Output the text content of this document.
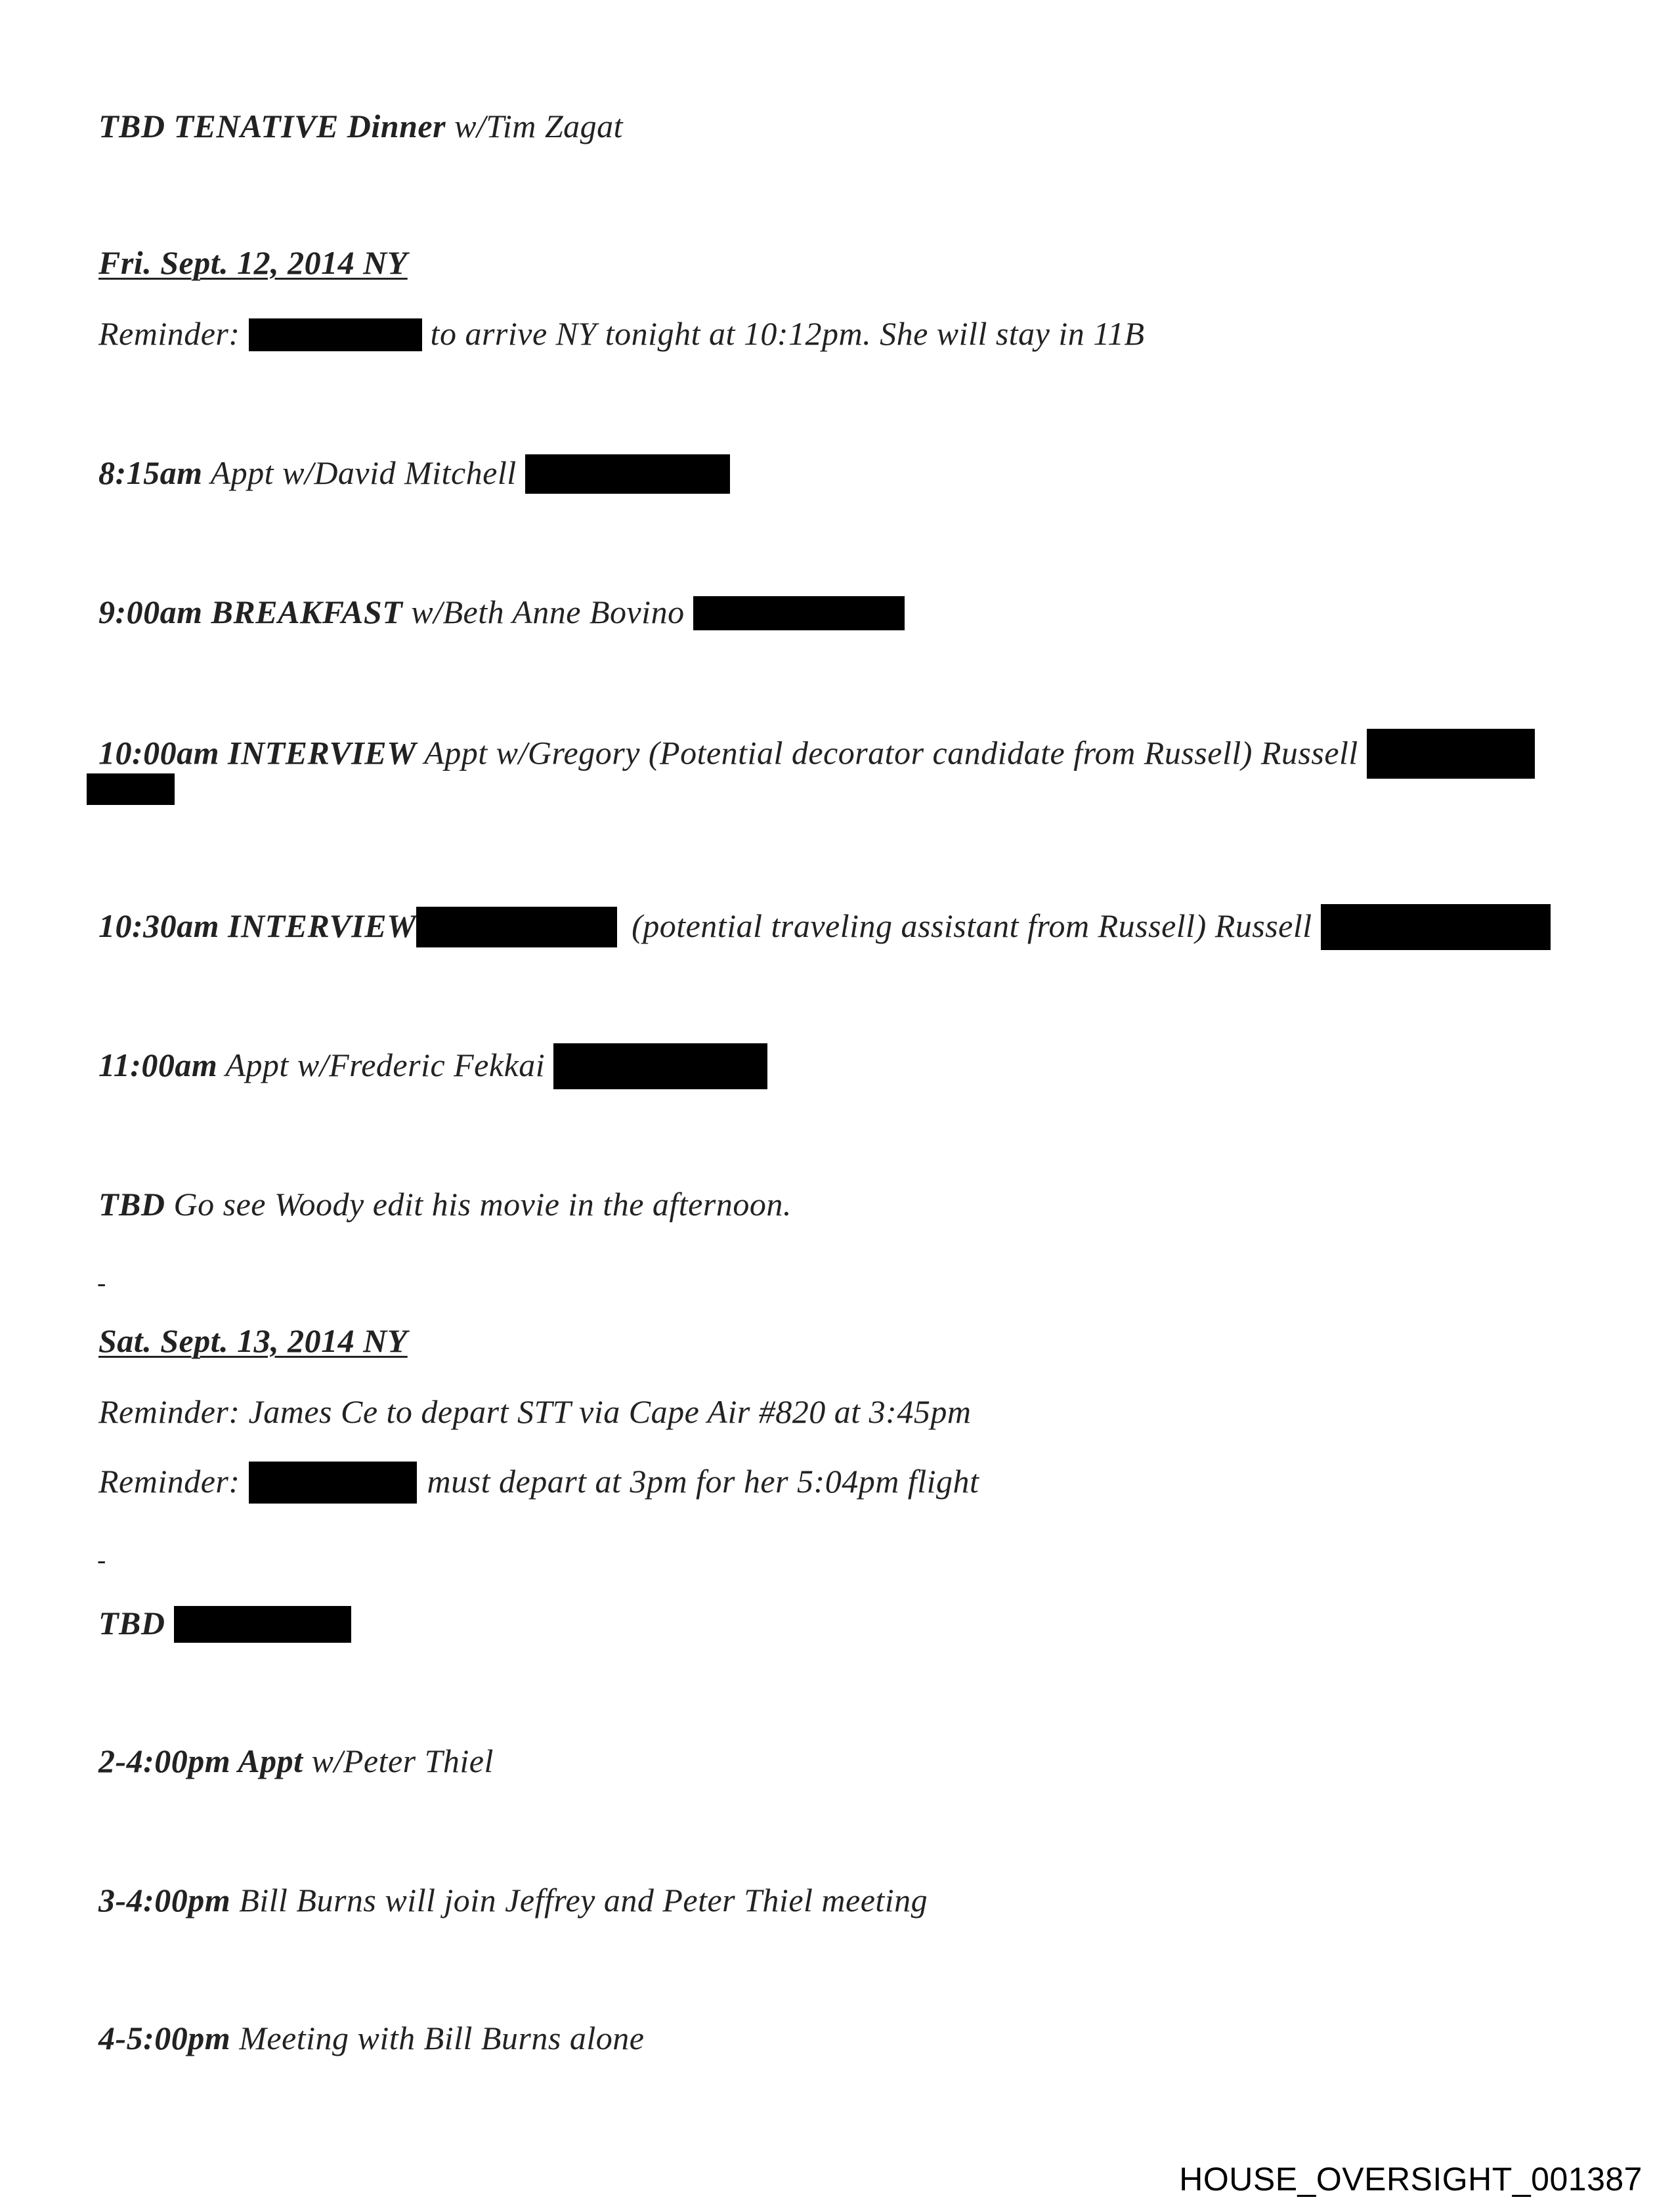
TBD TENATIVE Dinner w/Tim Zagat
Fri. Sept. 12, 2014 NY
Reminder:	to arrive NY tonight at 10:12pm. She will stay in 11B
8:15am Appt w/David Mitchell
9:00am BREAKFAST w/Beth Anne Bovino
10:00am INTERVIEW Appt w/Gregory (Potential decorator candidate from Russell) Russell
10:30am INTERVIEW	(potential traveling assistant from Russell) Russell
11:00am Appt w/Frederic Fekkai
TBD Go see Woody edit his movie in the afternoon.
-
Sat. Sept. 13, 2014 NY
Reminder: James Ce to depart STT via Cape Air #820 at 3:45pm
Reminder:	must depart at 3pm for her 5:04pm flight
-
TBD
2-4:00pm Appt w/Peter Thiel
3-4:00pm Bill Burns will join Jeffrey and Peter Thiel meeting
4-5:00pm Meeting with Bill Burns alone
HOUSE_OVERSIGHT_001387
